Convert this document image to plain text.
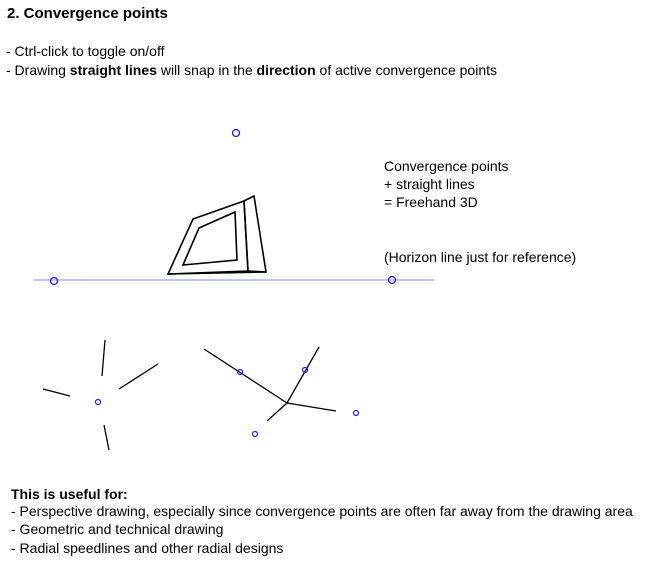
2. Convergence points
- Ctrl-click to toggle on/off
- Drawing straight lines will snap in the direction of active convergence points
Convergence points
+ straight lines
= Freehand 3D
(Horizon line just for reference)
This is useful for:
- Perspective drawing, especially since convergence points are often far away from the drawing area
- Geometric and technical drawing
- Radial speedlines and other radial designs
